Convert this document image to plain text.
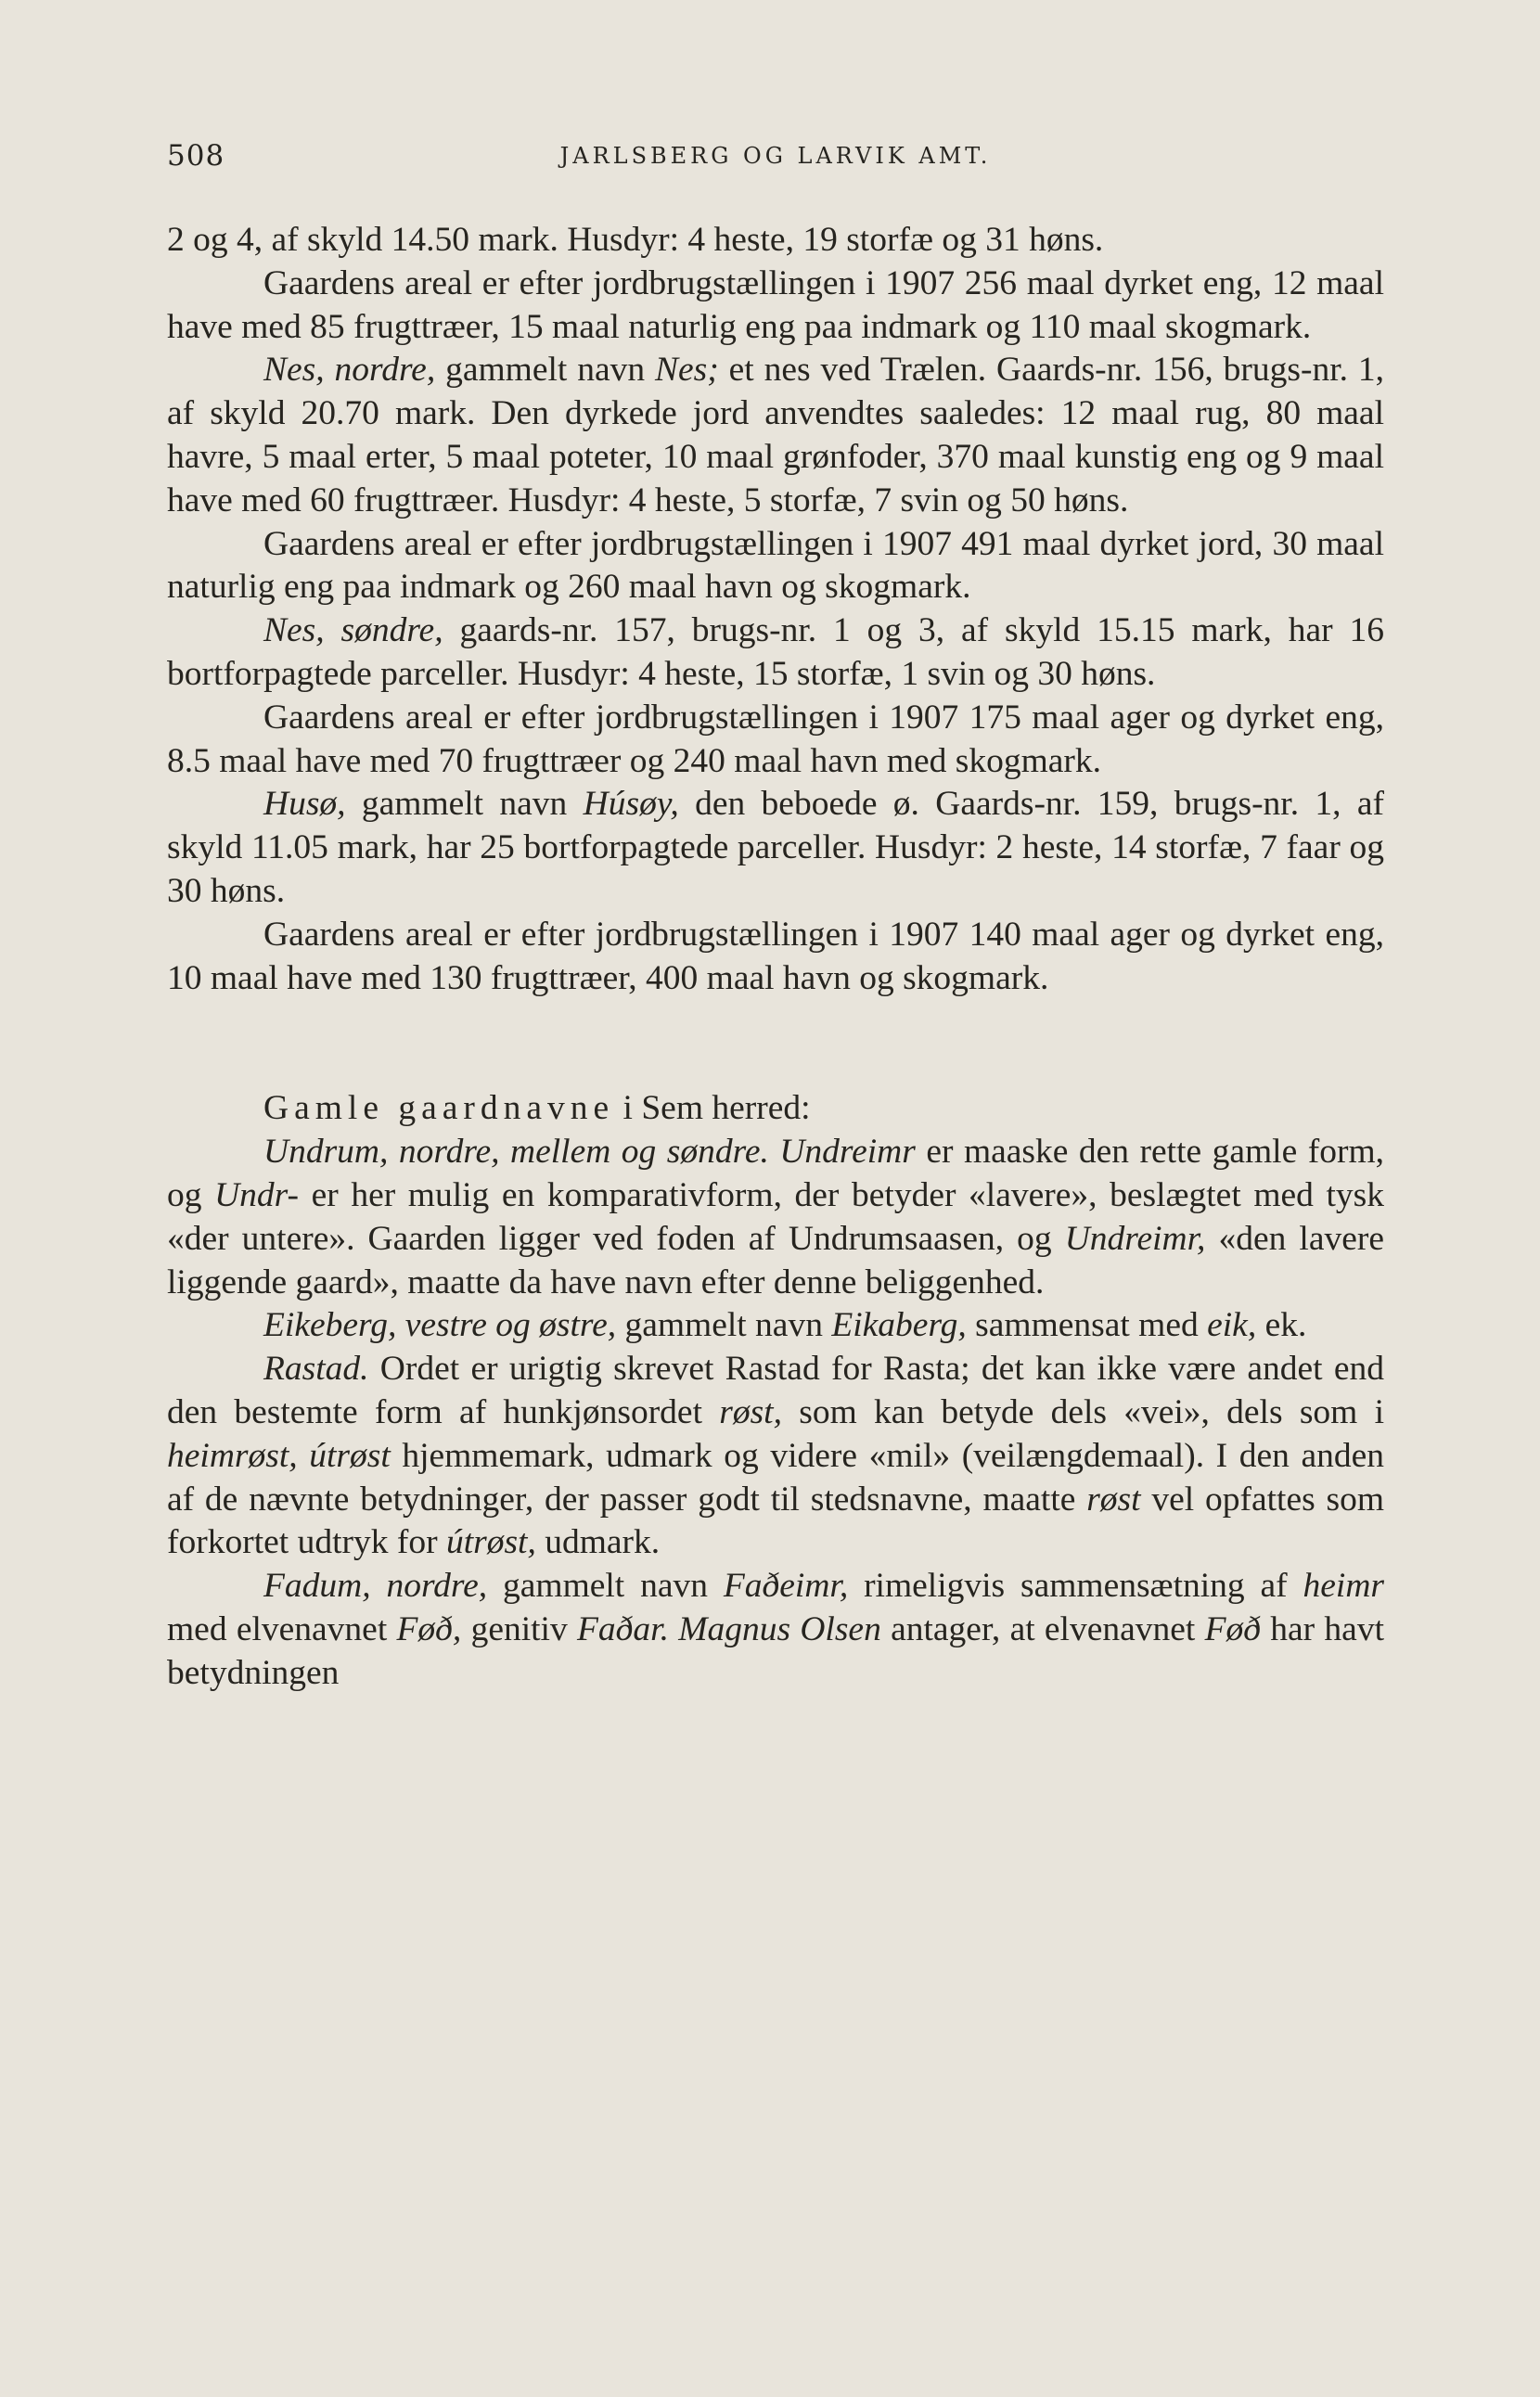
508	JARLSBERG OG LARVIK AMT.

2 og 4, af skyld 14.50 mark. Husdyr: 4 heste, 19 storfæ og 31 høns.

Gaardens areal er efter jordbrugstællingen i 1907 256 maal dyrket eng, 12 maal have med 85 frugttræer, 15 maal naturlig eng paa indmark og 110 maal skogmark.

Nes, nordre, gammelt navn Nes; et nes ved Trælen. Gaards-nr. 156, brugs-nr. 1, af skyld 20.70 mark. Den dyrkede jord anvendtes saaledes: 12 maal rug, 80 maal havre, 5 maal erter, 5 maal poteter, 10 maal grønfoder, 370 maal kunstig eng og 9 maal have med 60 frugttræer. Husdyr: 4 heste, 5 storfæ, 7 svin og 50 høns.

Gaardens areal er efter jordbrugstællingen i 1907 491 maal dyrket jord, 30 maal naturlig eng paa indmark og 260 maal havn og skogmark.

Nes, søndre, gaards-nr. 157, brugs-nr. 1 og 3, af skyld 15.15 mark, har 16 bortforpagtede parceller. Husdyr: 4 heste, 15 storfæ, 1 svin og 30 høns.

Gaardens areal er efter jordbrugstællingen i 1907 175 maal ager og dyrket eng, 8.5 maal have med 70 frugttræer og 240 maal havn med skogmark.

Husø, gammelt navn Húsøy, den beboede ø. Gaards-nr. 159, brugs-nr. 1, af skyld 11.05 mark, har 25 bortforpagtede parceller. Husdyr: 2 heste, 14 storfæ, 7 faar og 30 høns.

Gaardens areal er efter jordbrugstællingen i 1907 140 maal ager og dyrket eng, 10 maal have med 130 frugttræer, 400 maal havn og skogmark.

Gamle gaardnavne i Sem herred:

Undrum, nordre, mellem og søndre. Undreimr er maaske den rette gamle form, og Undr- er her mulig en komparativform, der betyder «lavere», beslægtet med tysk «der untere». Gaarden ligger ved foden af Undrumsaasen, og Undreimr, «den lavere liggende gaard», maatte da have navn efter denne beliggenhed.

Eikeberg, vestre og østre, gammelt navn Eikaberg, sammensat med eik, ek.

Rastad. Ordet er urigtig skrevet Rastad for Rasta; det kan ikke være andet end den bestemte form af hunkjønsordet røst, som kan betyde dels «vei», dels som i heimrøst, útrøst hjemmemark, udmark og videre «mil» (veilængdemaal). I den anden af de nævnte betydninger, der passer godt til stedsnavne, maatte røst vel opfattes som forkortet udtryk for útrøst, udmark.

Fadum, nordre, gammelt navn Faðeimr, rimeligvis sammensætning af heimr med elvenavnet Føð, genitiv Faðar. Magnus Olsen antager, at elvenavnet Føð har havt betydningen
